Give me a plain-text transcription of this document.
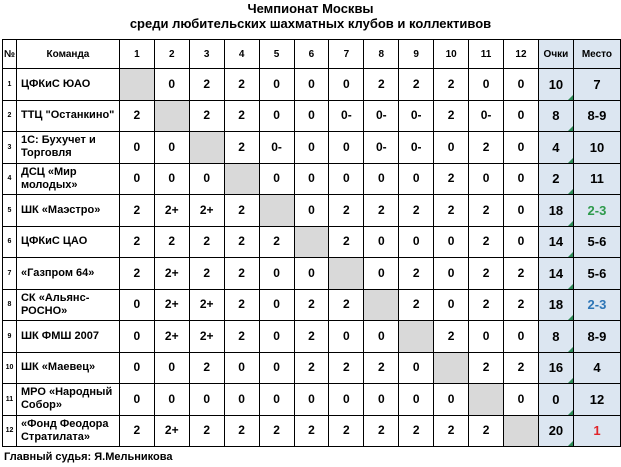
Чемпионат Москвы
среди любительских шахматных клубов и коллективов
№	Команда	1	2	3	4	5	6	7	8	9	10	11	12	Очки	Место
1	ЦФКиС ЮАО		0	2	2	0	0	0	2	2	2	0	0	10	7
2	ТТЦ "Останкино"	2		2	2	0	0	0-	0-	0-	2	0-	0	8	8-9
3	1С: Бухучет и Торговля	0	0		2	0-	0	0	0-	0-	0	2	0	4	10
4	ДСЦ «Мир молодых»	0	0	0		0	0	0	0	0	2	0	0	2	11
5	ШК «Маэстро»	2	2+	2+	2		0	2	2	2	2	2	0	18	2-3
6	ЦФКиС ЦАО	2	2	2	2	2		2	0	0	0	2	0	14	5-6
7	«Газпром 64»	2	2+	2	2	0	0		0	2	0	2	2	14	5-6
8	СК «Альянс-РОСНО»	0	2+	2+	2	0	2	2		2	0	2	2	18	2-3
9	ШК ФМШ 2007	0	2+	2+	2	0	2	0	0		2	0	0	8	8-9
10	ШК «Маевец»	0	0	2	0	0	2	2	2	0		2	2	16	4
11	МРО «Народный Собор»	0	0	0	0	0	0	0	0	0	0		0	0	12
12	«Фонд Феодора Стратилата»	2	2+	2	2	2	2	2	2	2	2	2		20	1
Главный судья: Я.Мельникова
